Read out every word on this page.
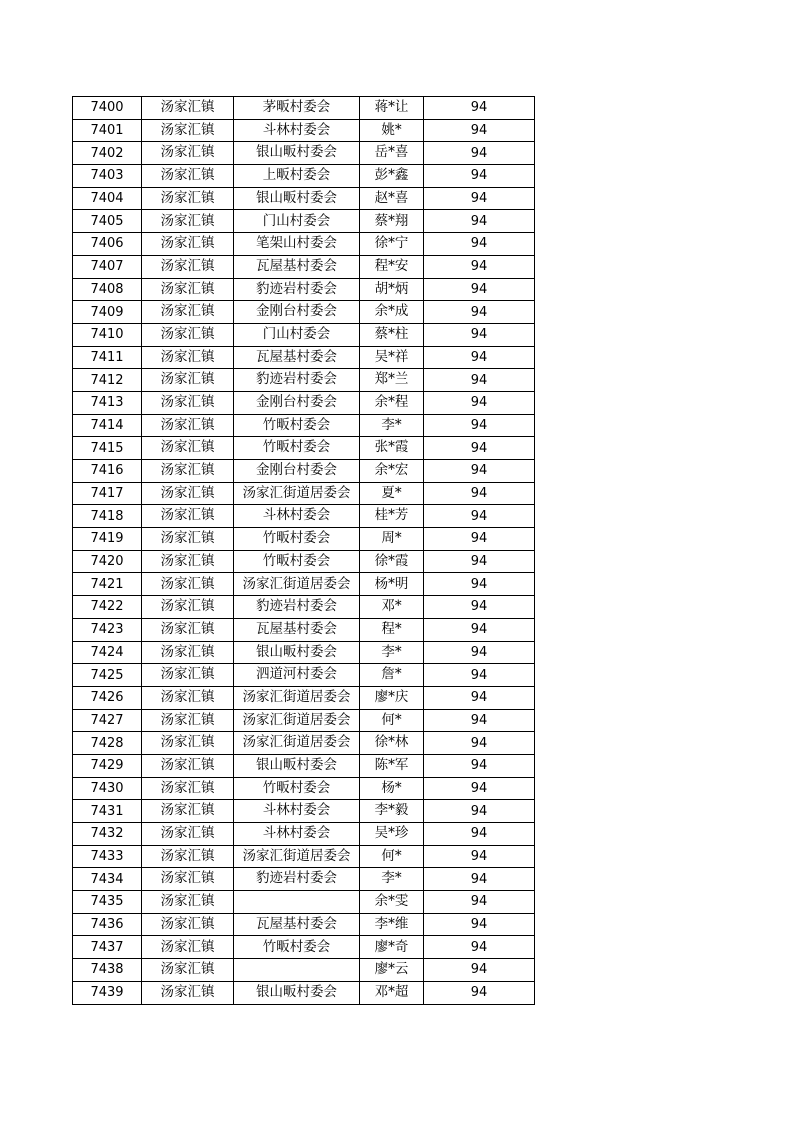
7400	汤家汇镇	茅畈村委会	蒋*让	94
7401	汤家汇镇	斗林村委会	姚*	94
7402	汤家汇镇	银山畈村委会	岳*喜	94
7403	汤家汇镇	上畈村委会	彭*鑫	94
7404	汤家汇镇	银山畈村委会	赵*喜	94
7405	汤家汇镇	门山村委会	蔡*翔	94
7406	汤家汇镇	笔架山村委会	徐*宁	94
7407	汤家汇镇	瓦屋基村委会	程*安	94
7408	汤家汇镇	豹迹岩村委会	胡*炳	94
7409	汤家汇镇	金刚台村委会	余*成	94
7410	汤家汇镇	门山村委会	蔡*柱	94
7411	汤家汇镇	瓦屋基村委会	吴*祥	94
7412	汤家汇镇	豹迹岩村委会	郑*兰	94
7413	汤家汇镇	金刚台村委会	余*程	94
7414	汤家汇镇	竹畈村委会	李*	94
7415	汤家汇镇	竹畈村委会	张*霞	94
7416	汤家汇镇	金刚台村委会	余*宏	94
7417	汤家汇镇	汤家汇街道居委会	夏*	94
7418	汤家汇镇	斗林村委会	桂*芳	94
7419	汤家汇镇	竹畈村委会	周*	94
7420	汤家汇镇	竹畈村委会	徐*霞	94
7421	汤家汇镇	汤家汇街道居委会	杨*明	94
7422	汤家汇镇	豹迹岩村委会	邓*	94
7423	汤家汇镇	瓦屋基村委会	程*	94
7424	汤家汇镇	银山畈村委会	李*	94
7425	汤家汇镇	泗道河村委会	詹*	94
7426	汤家汇镇	汤家汇街道居委会	廖*庆	94
7427	汤家汇镇	汤家汇街道居委会	何*	94
7428	汤家汇镇	汤家汇街道居委会	徐*林	94
7429	汤家汇镇	银山畈村委会	陈*军	94
7430	汤家汇镇	竹畈村委会	杨*	94
7431	汤家汇镇	斗林村委会	李*毅	94
7432	汤家汇镇	斗林村委会	吴*珍	94
7433	汤家汇镇	汤家汇街道居委会	何*	94
7434	汤家汇镇	豹迹岩村委会	李*	94
7435	汤家汇镇		余*雯	94
7436	汤家汇镇	瓦屋基村委会	李*维	94
7437	汤家汇镇	竹畈村委会	廖*奇	94
7438	汤家汇镇		廖*云	94
7439	汤家汇镇	银山畈村委会	邓*超	94
